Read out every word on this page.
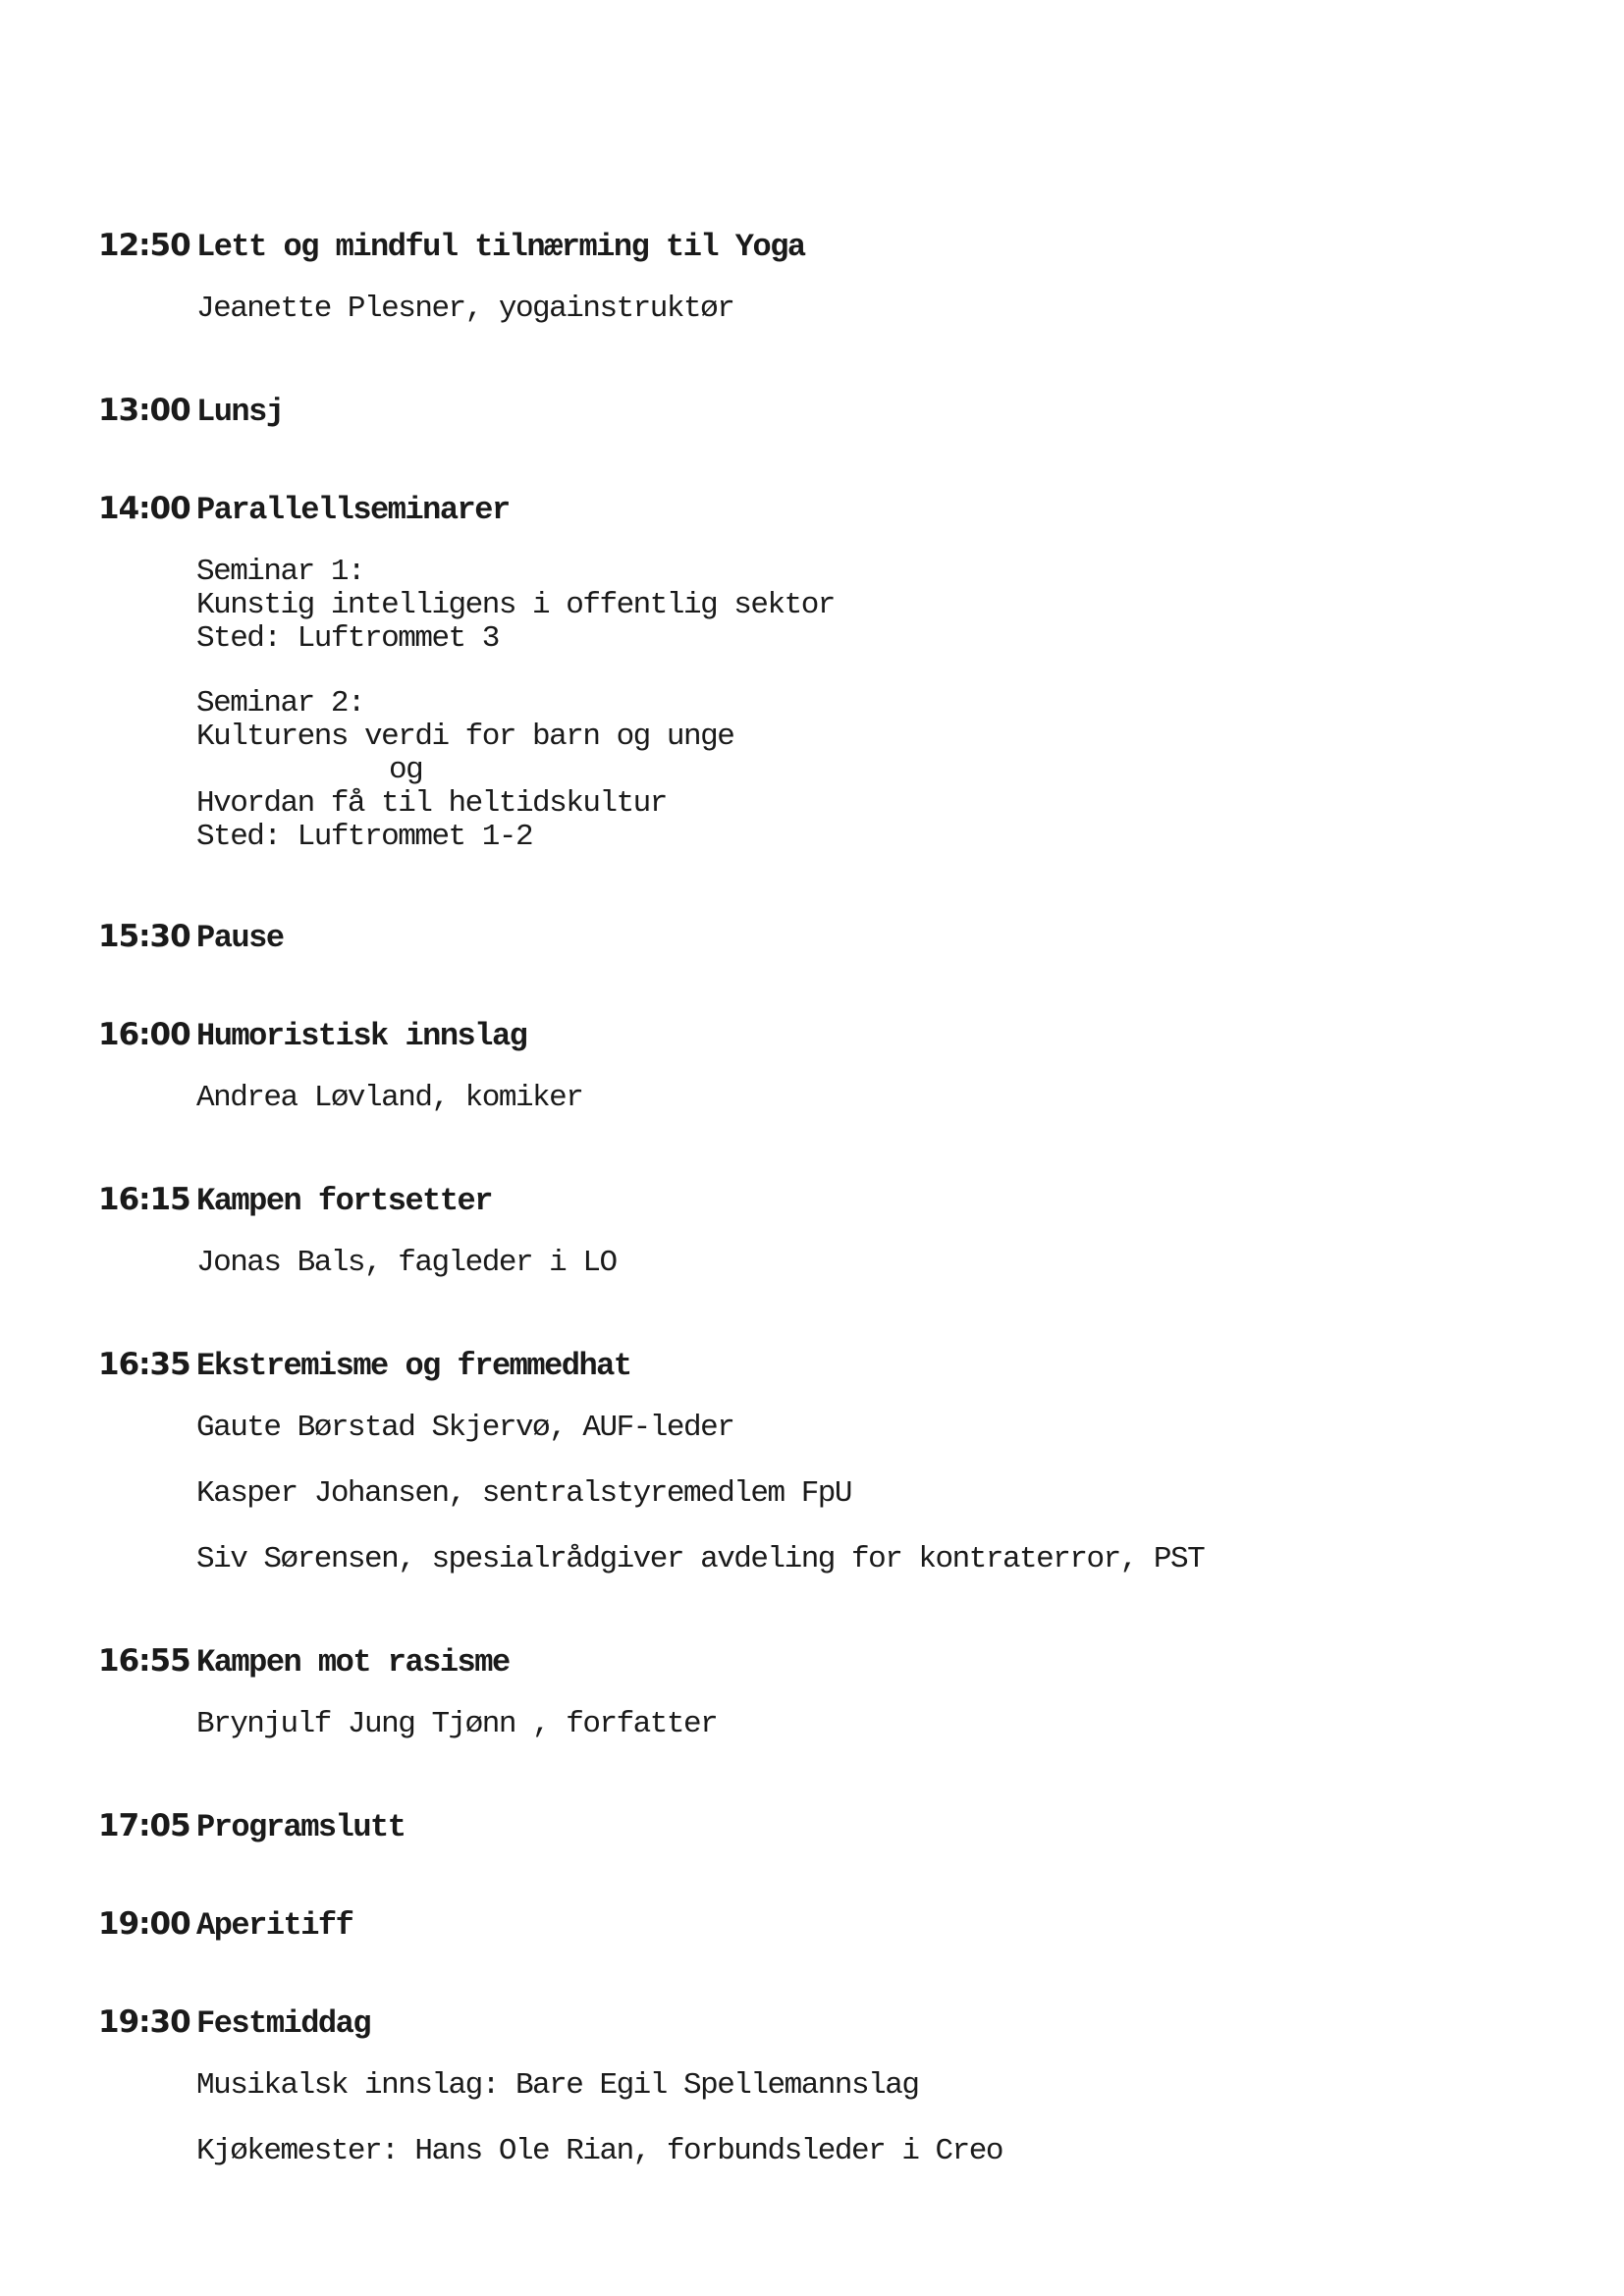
12:50 Lett og mindful tilnærming til Yoga
Jeanette Plesner, yogainstruktør
13:00 Lunsj
14:00 Parallellseminarer
Seminar 1:
Kunstig intelligens i offentlig sektor
Sted: Luftrommet 3
Seminar 2:
Kulturens verdi for barn og unge
og
Hvordan få til heltidskultur
Sted: Luftrommet 1-2
15:30 Pause
16:00 Humoristisk innslag
Andrea Løvland, komiker
16:15 Kampen fortsetter
Jonas Bals, fagleder i LO
16:35 Ekstremisme og fremmedhat
Gaute Børstad Skjervø, AUF-leder
Kasper Johansen, sentralstyremedlem FpU
Siv Sørensen, spesialrådgiver avdeling for kontraterror, PST
16:55 Kampen mot rasisme
Brynjulf Jung Tjønn , forfatter
17:05 Programslutt
19:00 Aperitiff
19:30 Festmiddag
Musikalsk innslag: Bare Egil Spellemannslag
Kjøkemester: Hans Ole Rian, forbundsleder i Creo
